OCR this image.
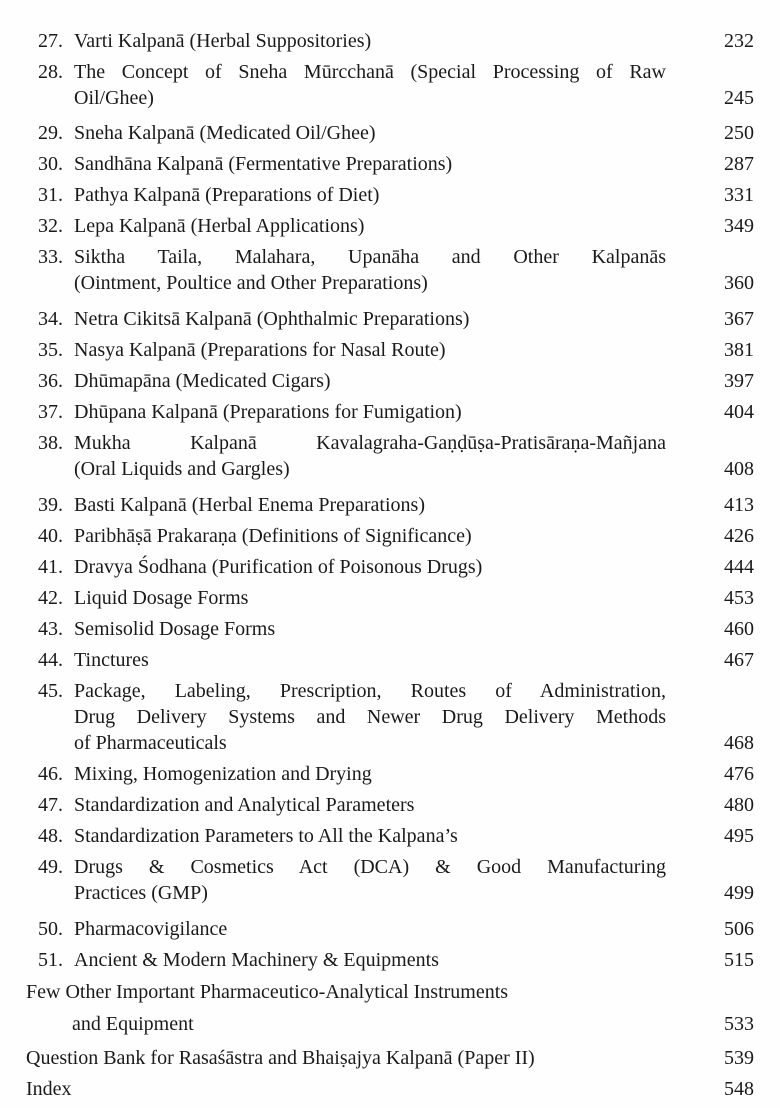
27. Varti Kalpanā (Herbal Suppositories)	232
28. The Concept of Sneha Mūrcchanā (Special Processing of Raw
Oil/Ghee)	245
29. Sneha Kalpanā (Medicated Oil/Ghee)	250
30. Sandhāna Kalpanā (Fermentative Preparations)	287
31. Pathya Kalpanā (Preparations of Diet)	331
32. Lepa Kalpanā (Herbal Applications)	349
33. Siktha Taila, Malahara, Upanāha and Other Kalpanās
(Ointment, Poultice and Other Preparations)	360
34. Netra Cikitsā Kalpanā (Ophthalmic Preparations)	367
35. Nasya Kalpanā (Preparations for Nasal Route)	381
36. Dhūmapāna (Medicated Cigars)	397
37. Dhūpana Kalpanā (Preparations for Fumigation)	404
38. Mukha Kalpanā Kavalagraha-Gaṇḍūṣa-Pratisāraṇa-Mañjana
(Oral Liquids and Gargles)	408
39. Basti Kalpanā (Herbal Enema Preparations)	413
40. Paribhāṣā Prakaraṇa (Definitions of Significance)	426
41. Dravya Śodhana (Purification of Poisonous Drugs)	444
42. Liquid Dosage Forms	453
43. Semisolid Dosage Forms	460
44. Tinctures	467
45. Package, Labeling, Prescription, Routes of Administration,
Drug Delivery Systems and Newer Drug Delivery Methods
of Pharmaceuticals	468
46. Mixing, Homogenization and Drying	476
47. Standardization and Analytical Parameters	480
48. Standardization Parameters to All the Kalpana’s	495
49. Drugs & Cosmetics Act (DCA) & Good Manufacturing
Practices (GMP)	499
50. Pharmacovigilance	506
51. Ancient & Modern Machinery & Equipments	515
Few Other Important Pharmaceutico-Analytical Instruments
and Equipment	533
Question Bank for Rasaśāstra and Bhaiṣajya Kalpanā (Paper II)	539
Index	548
